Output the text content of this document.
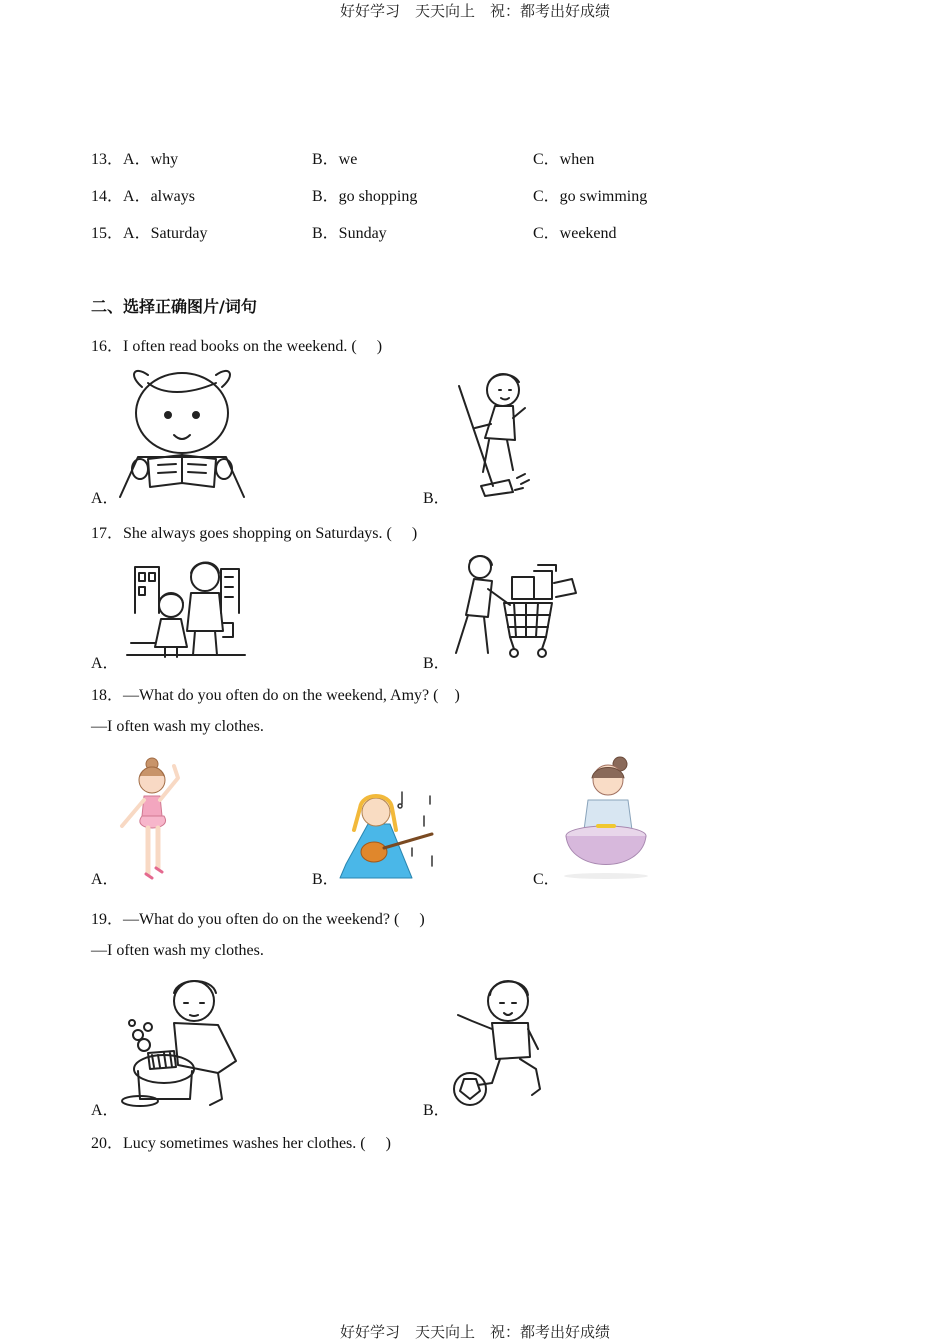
好好学习　天天向上　祝：都考出好成绩
好好学习　天天向上　祝：都考出好成绩
13．A．why	B．we	C．when
14．A．always	B．go shopping	C．go swimming
15．A．Saturday	B．Sunday	C．weekend
二、选择正确图片/词句
16．I often read books on the weekend. (　 )
A．	B．
17．She always goes shopping on Saturdays. (　 )
A．	B．
18．—What do you often do on the weekend, Amy? (　)
—I often wash my clothes.
A．	B．	C．
19．—What do you often do on the weekend? (　 )
—I often wash my clothes.
A．	B．
20．Lucy sometimes washes her clothes. (　 )
